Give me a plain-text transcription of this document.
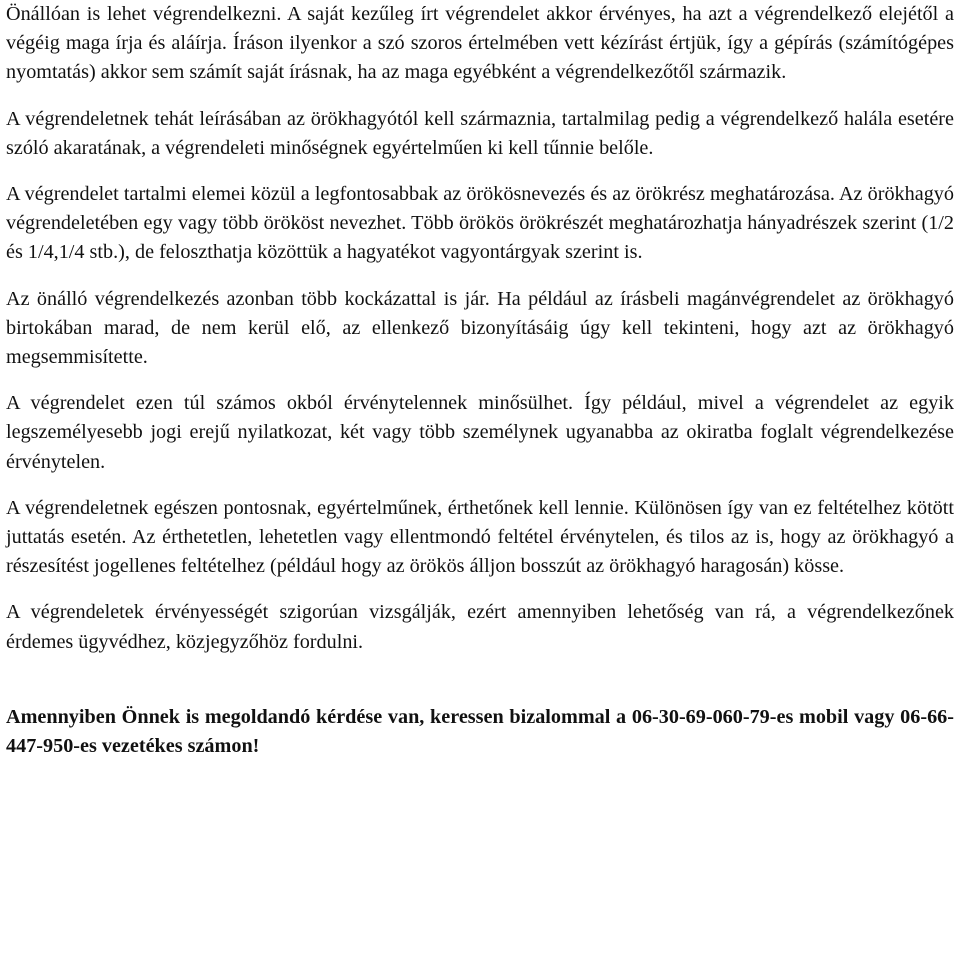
Önállóan is lehet végrendelkezni. A saját kezűleg írt végrendelet akkor érvényes, ha azt a végrendelkező elejétől a végéig maga írja és aláírja. Íráson ilyenkor a szó szoros értelmében vett kézírást értjük, így a gépírás (számítógépes nyomtatás) akkor sem számít saját írásnak, ha az maga egyébként a végrendelkezőtől származik.

A végrendeletnek tehát leírásában az örökhagyótól kell származnia, tartalmilag pedig a végrendelkező halála esetére szóló akaratának, a végrendeleti minőségnek egyértelműen ki kell tűnnie belőle.

A végrendelet tartalmi elemei közül a legfontosabbak az örökösnevezés és az örökrész meghatározása. Az örökhagyó végrendeletében egy vagy több örököst nevezhet. Több örökös örökrészét meghatározhatja hányadrészek szerint (1/2 és 1/4,1/4 stb.), de feloszthatja közöttük a hagyatékot vagyontárgyak szerint is.

Az önálló végrendelkezés azonban több kockázattal is jár. Ha például az írásbeli magánvégrendelet az örökhagyó birtokában marad, de nem kerül elő, az ellenkező bizonyításáig úgy kell tekinteni, hogy azt az örökhagyó megsemmisítette.

A végrendelet ezen túl számos okból érvénytelennek minősülhet. Így például, mivel a végrendelet az egyik legszemélyesebb jogi erejű nyilatkozat, két vagy több személynek ugyanabba az okiratba foglalt végrendelkezése érvénytelen.

A végrendeletnek egészen pontosnak, egyértelműnek, érthetőnek kell lennie. Különösen így van ez feltételhez kötött juttatás esetén. Az érthetetlen, lehetetlen vagy ellentmondó feltétel érvénytelen, és tilos az is, hogy az örökhagyó a részesítést jogellenes feltételhez (például hogy az örökös álljon bosszút az örökhagyó haragosán) kösse.

A végrendeletek érvényességét szigorúan vizsgálják, ezért amennyiben lehetőség van rá, a végrendelkezőnek érdemes ügyvédhez, közjegyzőhöz fordulni.

Amennyiben Önnek is megoldandó kérdése van, keressen bizalommal a 06-30-69-060-79-es mobil vagy 06-66-447-950-es vezetékes számon!
